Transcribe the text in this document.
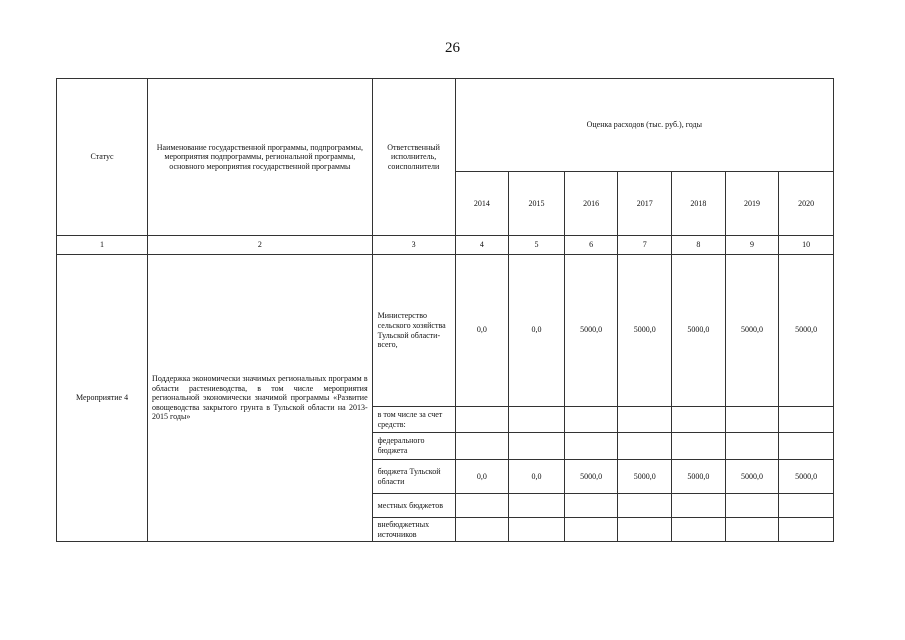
26
Статус	Наименование государственной программы, подпрограммы, мероприятия подпрограммы, региональной программы, основного мероприятия государственной программы	Ответственный исполнитель, соисполнители	Оценка расходов (тыс. руб.), годы						
			2014	2015	2016	2017	2018	2019	2020
1	2	3	4	5	6	7	8	9	10
Мероприятие 4	Поддержка экономически значимых региональных программ в области растениеводства, в том числе мероприятия региональной экономически значимой программы «Развитие овощеводства закрытого грунта в Тульской области на 2013-2015 годы»	Министерство сельского хозяйства Тульской области- всего,	0,0	0,0	5000,0	5000,0	5000,0	5000,0	5000,0
		в том числе за счет средств:							
		федерального бюджета							
		бюджета Тульской области	0,0	0,0	5000,0	5000,0	5000,0	5000,0	5000,0
		местных бюджетов							
		внебюджетных источников							
